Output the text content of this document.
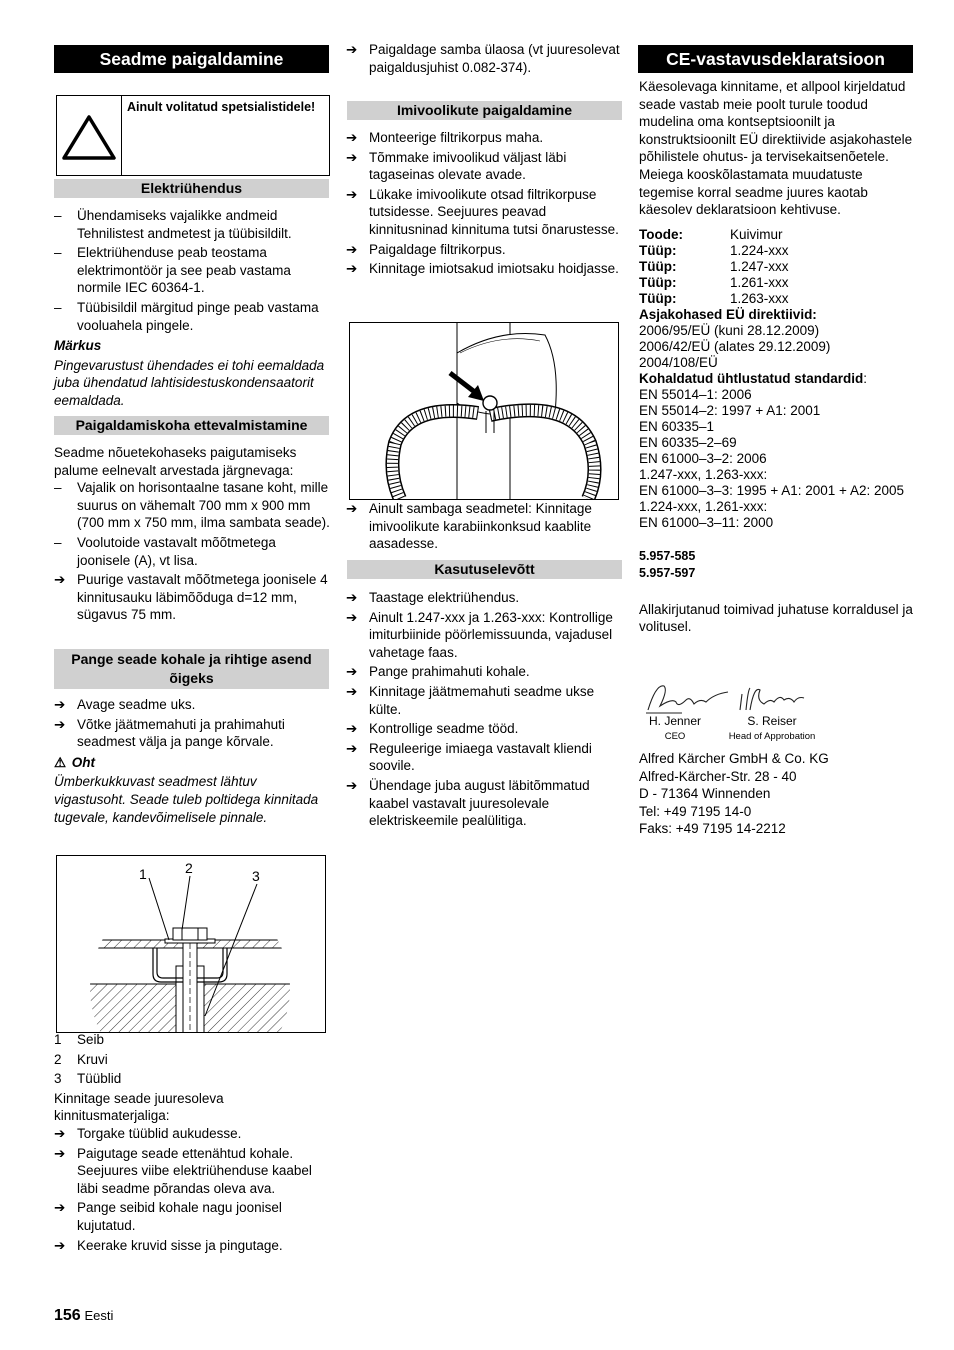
Seadme paigaldamine
Ainult volitatud spetsialistidele!
Elektriühendus
– Ühendamiseks vajalikke andmeid Tehnilistest andmetest ja tüübisildilt.
– Elektriühenduse peab teostama elektrimontöör ja see peab vastama normile IEC 60364-1.
– Tüübisildil märgitud pinge peab vastama vooluahela pingele.

Märkus

Pingevarustust ühendades ei tohi eemaldada juba ühendatud lahtisidestuskondensaatorit eemaldada.

Paigaldamiskoha ettevalmistamine

Seadme nõuetekohaseks paigutamiseks palume eelnevalt arvestada järgnevaga:

– Vajalik on horisontaalne tasane koht, mille suurus on vähemalt 700 mm x 900 mm (700 mm x 750 mm, ilma sambata seade).
– Voolutoide vastavalt mõõtmetega joonisele (A), vt lisa.
➔ Puurige vastavalt mõõtmetega joonisele 4 kinnitusauku läbimõõduga d=12 mm, sügavus 75 mm.
Pange seade kohale ja rihtige asend õigeks
➔ Avage seadme uks.
➔ Võtke jäätmemahuti ja prahimahuti seadmest välja ja pange kõrvale.

⚠ Oht

Ümberkukkuvast seadmest lähtuv vigastusoht. Seade tuleb poltidega kinnitada tugevale, kandevõimelisele pinnale.

1	2	3
1	Seib
2	Kruvi
3	Tüüblid

Kinnitage seade juuresoleva kinnitusmaterjaliga:

➔ Torgake tüüblid aukudesse.
➔ Paigutage seade ettenähtud kohale. Seejuures viibe elektriühenduse kaabel läbi seadme põrandas oleva ava.
➔ Pange seibid kohale nagu joonisel kujutatud.
➔ Keerake kruvid sisse ja pingutage.
➔ Paigaldage samba ülaosa (vt juuresolevat paigaldusjuhist 0.082-374).
Imivoolikute paigaldamine
➔ Monteerige filtrikorpus maha.
➔ Tõmmake imivoolikud väljast läbi tagaseinas olevate avade.
➔ Lükake imivoolikute otsad filtrikorpuse tutsidesse. Seejuures peavad kinnitusninad kinnituma tutsi õnarustesse.
➔ Paigaldage filtrikorpus.
➔ Kinnitage imiotsakud imiotsaku hoidjasse.
➔ Ainult sambaga seadmetel: Kinnitage imivoolikute karabiinkonksud kaablite aasadesse.
Kasutuselevõtt
➔ Taastage elektriühendus.
➔ Ainult 1.247-xxx ja 1.263-xxx: Kontrollige imiturbiinide pöörlemissuunda, vajadusel vahetage faas.
➔ Pange prahimahuti kohale.
➔ Kinnitage jäätmemahuti seadme ukse külte.
➔ Kontrollige seadme tööd.
➔ Reguleerige imiaega vastavalt kliendi soovile.
➔ Ühendage juba august läbitõmmatud kaabel vastavalt juuresolevale elektriskeemile pealülitiga.
CE-vastavusdeklaratsioon

Käesolevaga kinnitame, et allpool kirjeldatud seade vastab meie poolt turule toodud mudelina oma kontseptsioonilt ja konstruktsioonilt EÜ direktiivide asjakohastele põhilistele ohutus- ja tervisekaitsenõetele. Meiega kooskõlastamata muudatuste tegemise korral seadme juures kaotab käesolev deklaratsioon kehtivuse.

Toode:	Kuivimur
Tüüp:	1.224-xxx
Tüüp:	1.247-xxx
Tüüp:	1.261-xxx
Tüüp:	1.263-xxx
Asjakohased EÜ direktiivid:
2006/95/EÜ (kuni 28.12.2009)
2006/42/EÜ (alates 29.12.2009)
2004/108/EÜ
Kohaldatud ühtlustatud standardid:
EN 55014–1: 2006
EN 55014–2: 1997 + A1: 2001
EN 60335–1
EN 60335–2–69
EN 61000–3–2: 2006
1.247-xxx, 1.263-xxx:
EN 61000–3–3: 1995 + A1: 2001 + A2: 2005
1.224-xxx, 1.261-xxx:
EN 61000–3–11: 2000
5.957-585
5.957-597

Allakirjutanud toimivad juhatuse korraldusel ja volitusel.

H. Jenner
CEO
S. Reiser
Head of Approbation
Alfred Kärcher GmbH & Co. KG
Alfred-Kärcher-Str. 28 - 40
D - 71364 Winnenden
Tel: +49 7195 14-0
Faks: +49 7195 14-2212
156 Eesti
